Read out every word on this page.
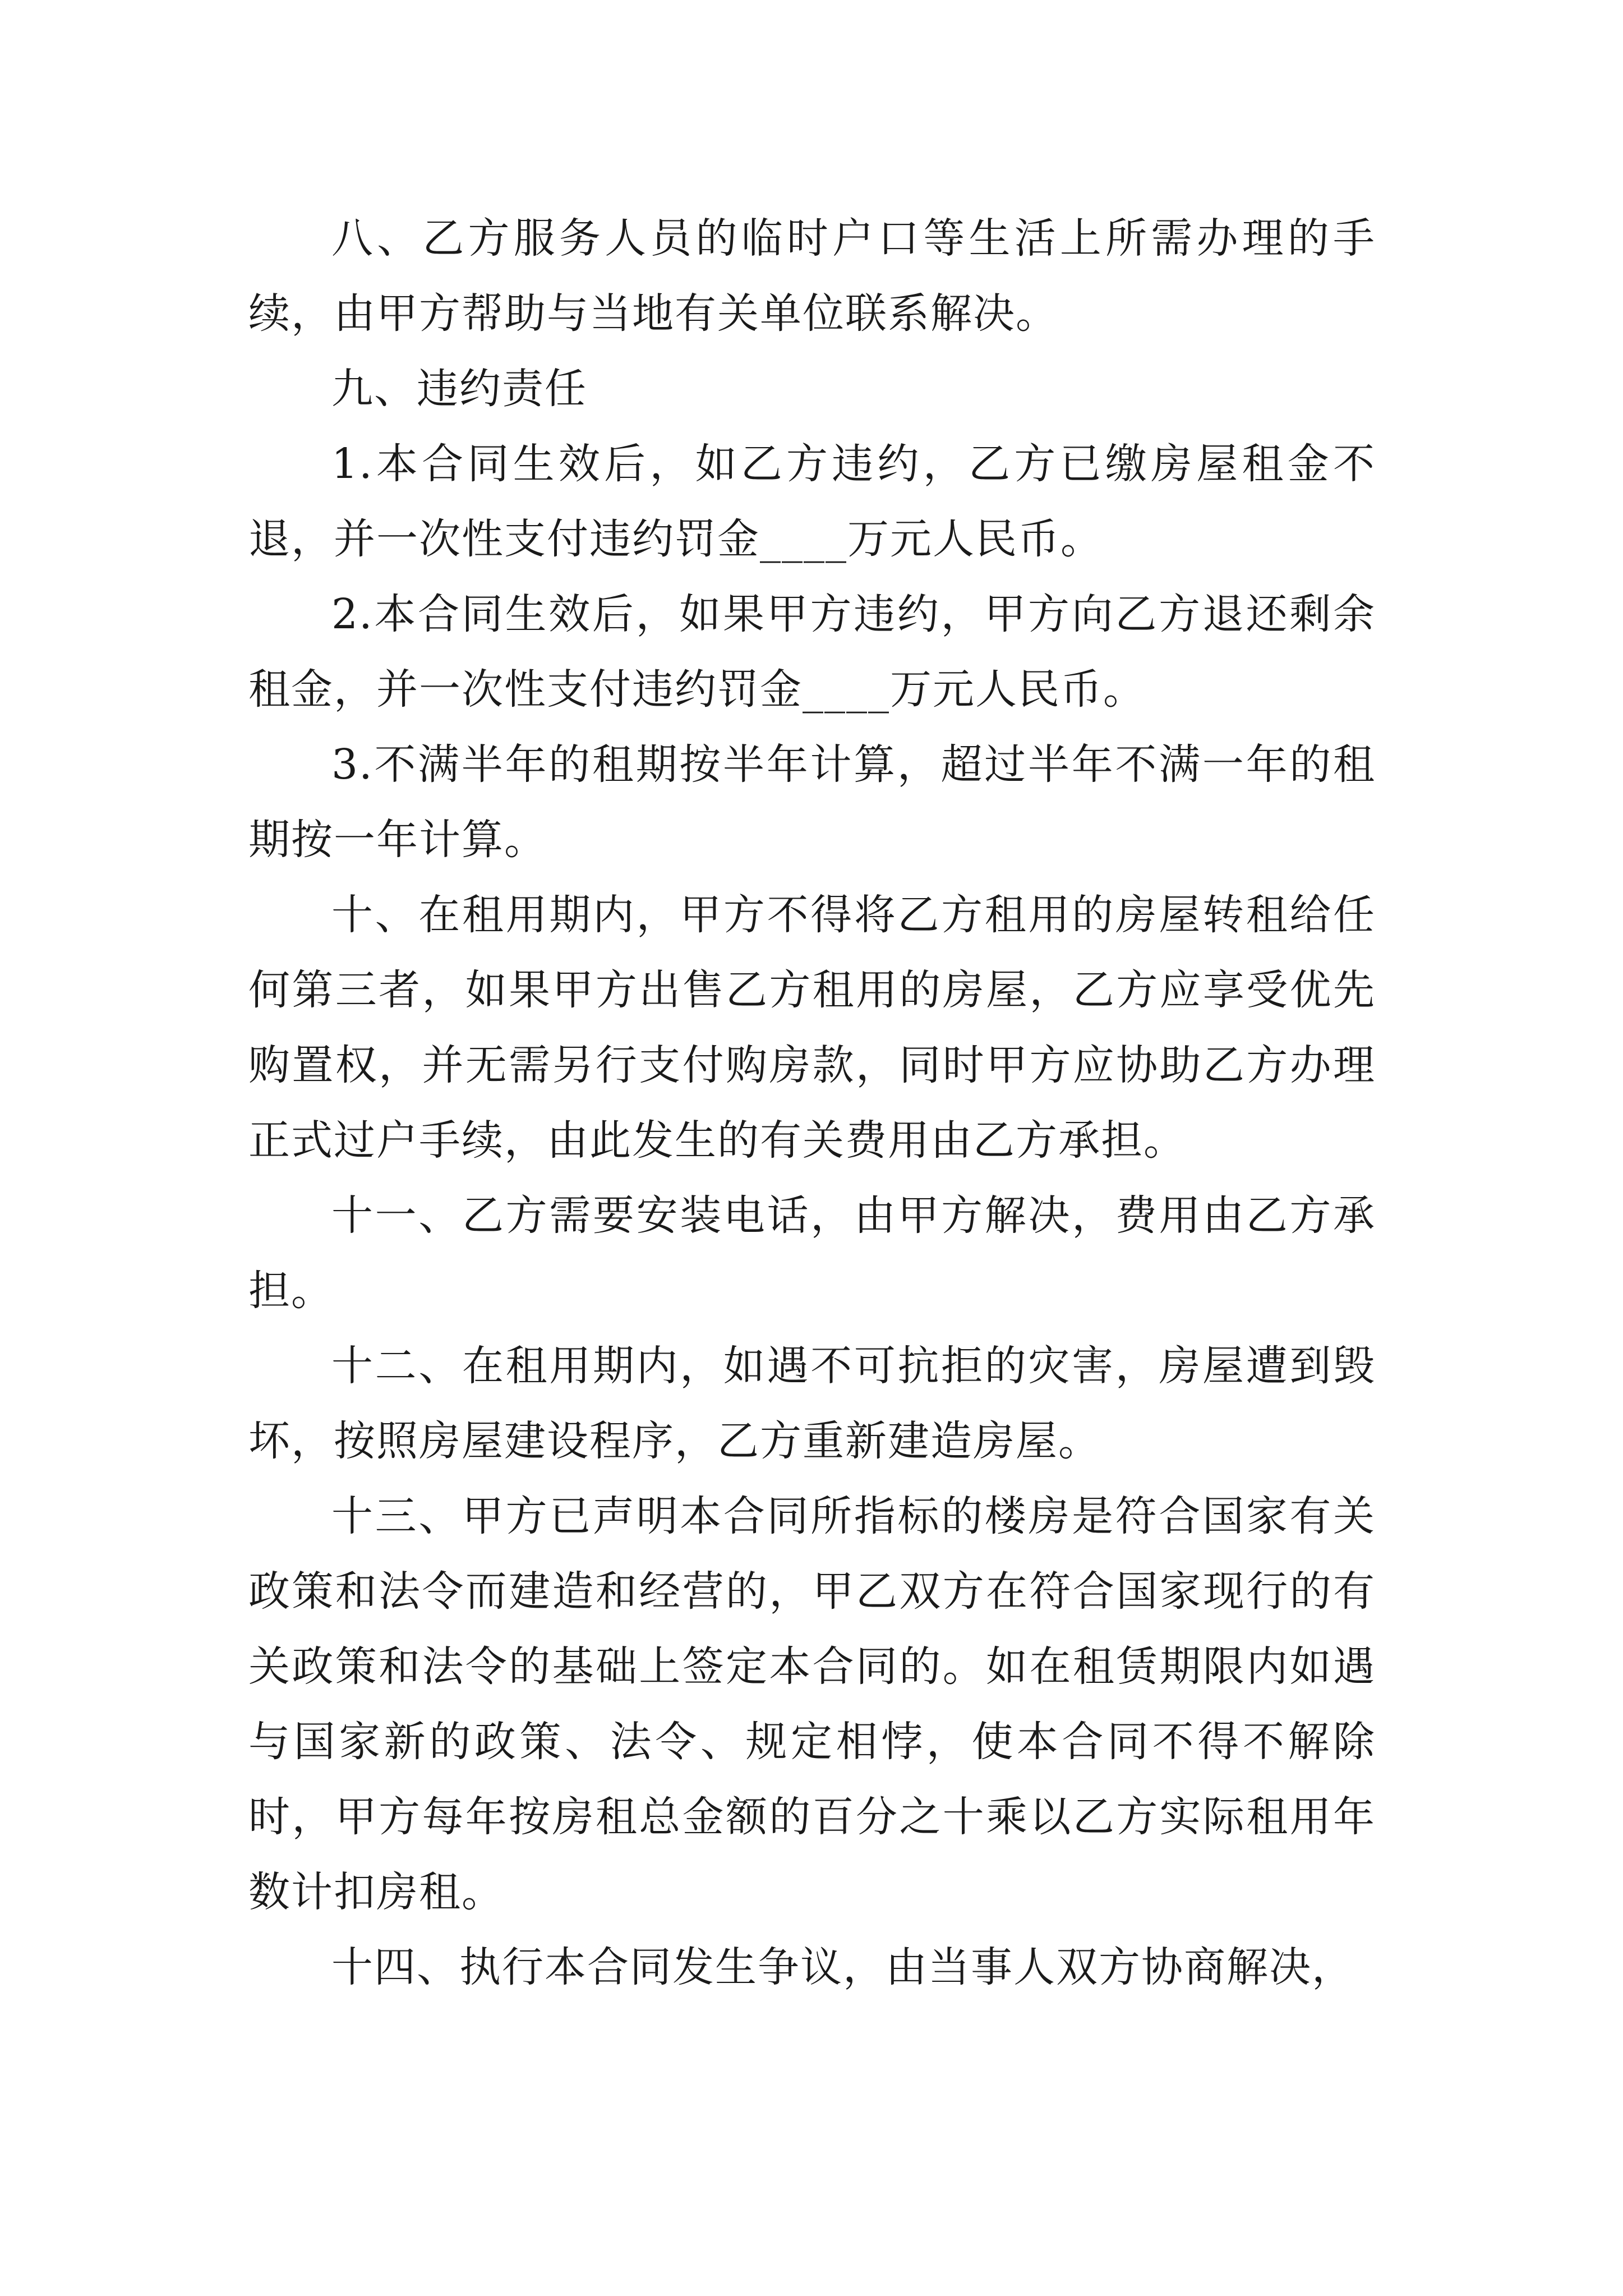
八、乙方服务人员的临时户口等生活上所需办理的手续，由甲方帮助与当地有关单位联系解决。

九、违约责任

1.本合同生效后，如乙方违约，乙方已缴房屋租金不退，并一次性支付违约罚金____万元人民币。

2.本合同生效后，如果甲方违约，甲方向乙方退还剩余租金，并一次性支付违约罚金____万元人民币。

3.不满半年的租期按半年计算，超过半年不满一年的租期按一年计算。

十、在租用期内，甲方不得将乙方租用的房屋转租给任何第三者，如果甲方出售乙方租用的房屋，乙方应享受优先购置权，并无需另行支付购房款，同时甲方应协助乙方办理正式过户手续，由此发生的有关费用由乙方承担。

十一、乙方需要安装电话，由甲方解决，费用由乙方承担。

十二、在租用期内，如遇不可抗拒的灾害，房屋遭到毁坏，按照房屋建设程序，乙方重新建造房屋。

十三、甲方已声明本合同所指标的楼房是符合国家有关政策和法令而建造和经营的，甲乙双方在符合国家现行的有关政策和法令的基础上签定本合同的。如在租赁期限内如遇与国家新的政策、法令、规定相悖，使本合同不得不解除时，甲方每年按房租总金额的百分之十乘以乙方实际租用年数计扣房租。

十四、执行本合同发生争议，由当事人双方协商解决，
